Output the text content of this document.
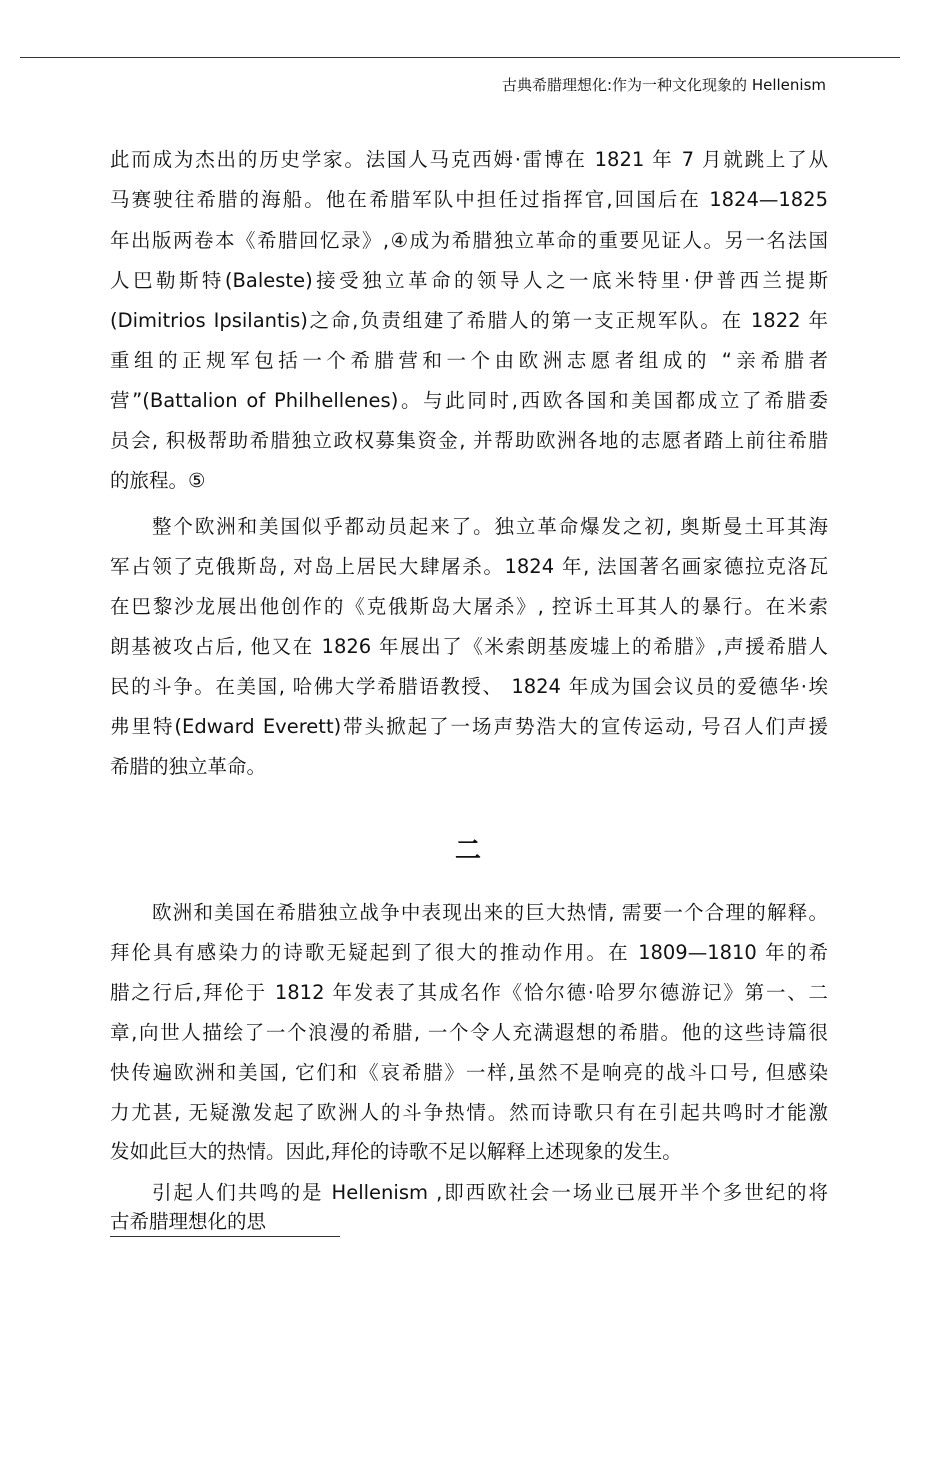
古典希腊理想化:作为一种文化现象的 Hellenism
此而成为杰出的历史学家。法国人马克西姆·雷博在 1821 年 7 月就跳上了从
马赛驶往希腊的海船。他在希腊军队中担任过指挥官,回国后在 1824—1825
年出版两卷本《希腊回忆录》,④成为希腊独立革命的重要见证人。另一名法国
人巴勒斯特(Baleste)接受独立革命的领导人之一底米特里·伊普西兰提斯
(Dimitrios Ipsilantis)之命,负责组建了希腊人的第一支正规军队。在 1822 年
重组的正规军包括一个希腊营和一个由欧洲志愿者组成的 “亲希腊者
营”(Battalion of Philhellenes)。与此同时,西欧各国和美国都成立了希腊委
员会, 积极帮助希腊独立政权募集资金, 并帮助欧洲各地的志愿者踏上前往希腊
的旅程。⑤
整个欧洲和美国似乎都动员起来了。独立革命爆发之初, 奥斯曼土耳其海
军占领了克俄斯岛, 对岛上居民大肆屠杀。1824 年, 法国著名画家德拉克洛瓦
在巴黎沙龙展出他创作的《克俄斯岛大屠杀》, 控诉土耳其人的暴行。在米索
朗基被攻占后, 他又在 1826 年展出了《米索朗基废墟上的希腊》,声援希腊人
民的斗争。在美国, 哈佛大学希腊语教授、 1824 年成为国会议员的爱德华·埃
弗里特(Edward Everett)带头掀起了一场声势浩大的宣传运动, 号召人们声援
希腊的独立革命。
二
欧洲和美国在希腊独立战争中表现出来的巨大热情, 需要一个合理的解释。
拜伦具有感染力的诗歌无疑起到了很大的推动作用。在 1809—1810 年的希
腊之行后,拜伦于 1812 年发表了其成名作《恰尔德·哈罗尔德游记》第一、二
章,向世人描绘了一个浪漫的希腊, 一个令人充满遐想的希腊。他的这些诗篇很
快传遍欧洲和美国, 它们和《哀希腊》一样,虽然不是响亮的战斗口号, 但感染
力尤甚, 无疑激发起了欧洲人的斗争热情。然而诗歌只有在引起共鸣时才能激
发如此巨大的热情。因此,拜伦的诗歌不足以解释上述现象的发生。
引起人们共鸣的是 Hellenism ,即西欧社会一场业已展开半个多世纪的将
古希腊理想化的思
